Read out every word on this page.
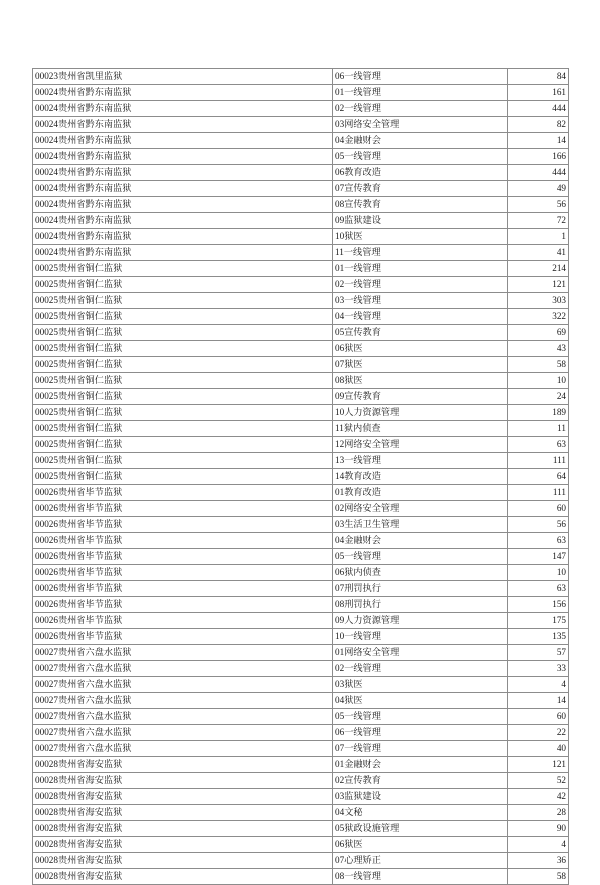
00023贵州省凯里监狱	06一线管理	84
00024贵州省黔东南监狱	01一线管理	161
00024贵州省黔东南监狱	02一线管理	444
00024贵州省黔东南监狱	03网络安全管理	82
00024贵州省黔东南监狱	04金融财会	14
00024贵州省黔东南监狱	05一线管理	166
00024贵州省黔东南监狱	06教育改造	444
00024贵州省黔东南监狱	07宣传教育	49
00024贵州省黔东南监狱	08宣传教育	56
00024贵州省黔东南监狱	09监狱建设	72
00024贵州省黔东南监狱	10狱医	1
00024贵州省黔东南监狱	11一线管理	41
00025贵州省铜仁监狱	01一线管理	214
00025贵州省铜仁监狱	02一线管理	121
00025贵州省铜仁监狱	03一线管理	303
00025贵州省铜仁监狱	04一线管理	322
00025贵州省铜仁监狱	05宣传教育	69
00025贵州省铜仁监狱	06狱医	43
00025贵州省铜仁监狱	07狱医	58
00025贵州省铜仁监狱	08狱医	10
00025贵州省铜仁监狱	09宣传教育	24
00025贵州省铜仁监狱	10人力资源管理	189
00025贵州省铜仁监狱	11狱内侦查	11
00025贵州省铜仁监狱	12网络安全管理	63
00025贵州省铜仁监狱	13一线管理	111
00025贵州省铜仁监狱	14教育改造	64
00026贵州省毕节监狱	01教育改造	111
00026贵州省毕节监狱	02网络安全管理	60
00026贵州省毕节监狱	03生活卫生管理	56
00026贵州省毕节监狱	04金融财会	63
00026贵州省毕节监狱	05一线管理	147
00026贵州省毕节监狱	06狱内侦查	10
00026贵州省毕节监狱	07刑罚执行	63
00026贵州省毕节监狱	08刑罚执行	156
00026贵州省毕节监狱	09人力资源管理	175
00026贵州省毕节监狱	10一线管理	135
00027贵州省六盘水监狱	01网络安全管理	57
00027贵州省六盘水监狱	02一线管理	33
00027贵州省六盘水监狱	03狱医	4
00027贵州省六盘水监狱	04狱医	14
00027贵州省六盘水监狱	05一线管理	60
00027贵州省六盘水监狱	06一线管理	22
00027贵州省六盘水监狱	07一线管理	40
00028贵州省海安监狱	01金融财会	121
00028贵州省海安监狱	02宣传教育	52
00028贵州省海安监狱	03监狱建设	42
00028贵州省海安监狱	04文秘	28
00028贵州省海安监狱	05狱政设施管理	90
00028贵州省海安监狱	06狱医	4
00028贵州省海安监狱	07心理矫正	36
00028贵州省海安监狱	08一线管理	58
